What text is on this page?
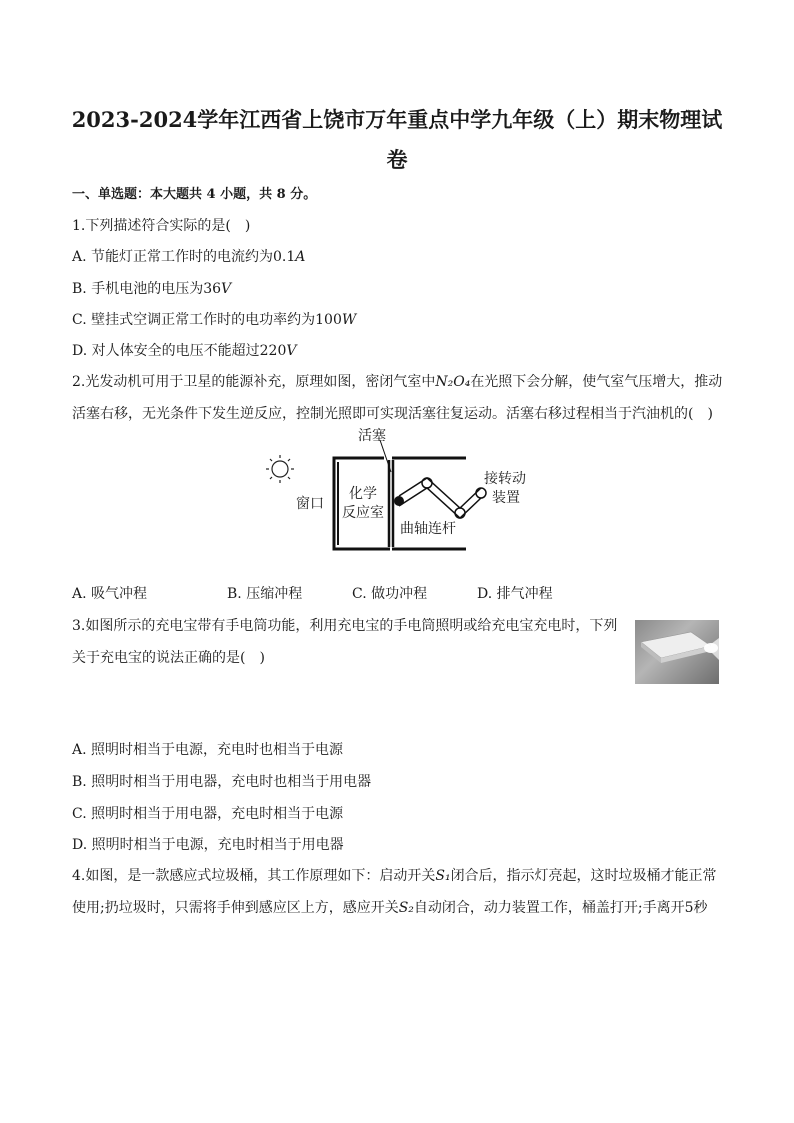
2023-2024学年江西省上饶市万年重点中学九年级（上）期末物理试
卷
一、单选题：本大题共 4 小题，共 8 分。
1.下列描述符合实际的是(　)
A. 节能灯正常工作时的电流约为0.1A
B. 手机电池的电压为36V
C. 壁挂式空调正常工作时的电功率约为100W
D. 对人体安全的电压不能超过220V
2.光发动机可用于卫星的能源补充，原理如图，密闭气室中N₂O₄在光照下会分解，使气室气压增大，推动
活塞右移，无光条件下发生逆反应，控制光照即可实现活塞往复运动。活塞右移过程相当于汽油机的(　)
活塞
窗口
化学
反应室
曲轴连杆
接转动
装置
A. 吸气冲程	B. 压缩冲程	C. 做功冲程	D. 排气冲程
3.如图所示的充电宝带有手电筒功能，利用充电宝的手电筒照明或给充电宝充电时，下列
关于充电宝的说法正确的是(　)
A. 照明时相当于电源，充电时也相当于电源
B. 照明时相当于用电器，充电时也相当于用电器
C. 照明时相当于用电器，充电时相当于电源
D. 照明时相当于电源，充电时相当于用电器
4.如图，是一款感应式垃圾桶，其工作原理如下：启动开关S₁闭合后，指示灯亮起，这时垃圾桶才能正常
使用;扔垃圾时，只需将手伸到感应区上方，感应开关S₂自动闭合，动力装置工作，桶盖打开;手离开5秒
